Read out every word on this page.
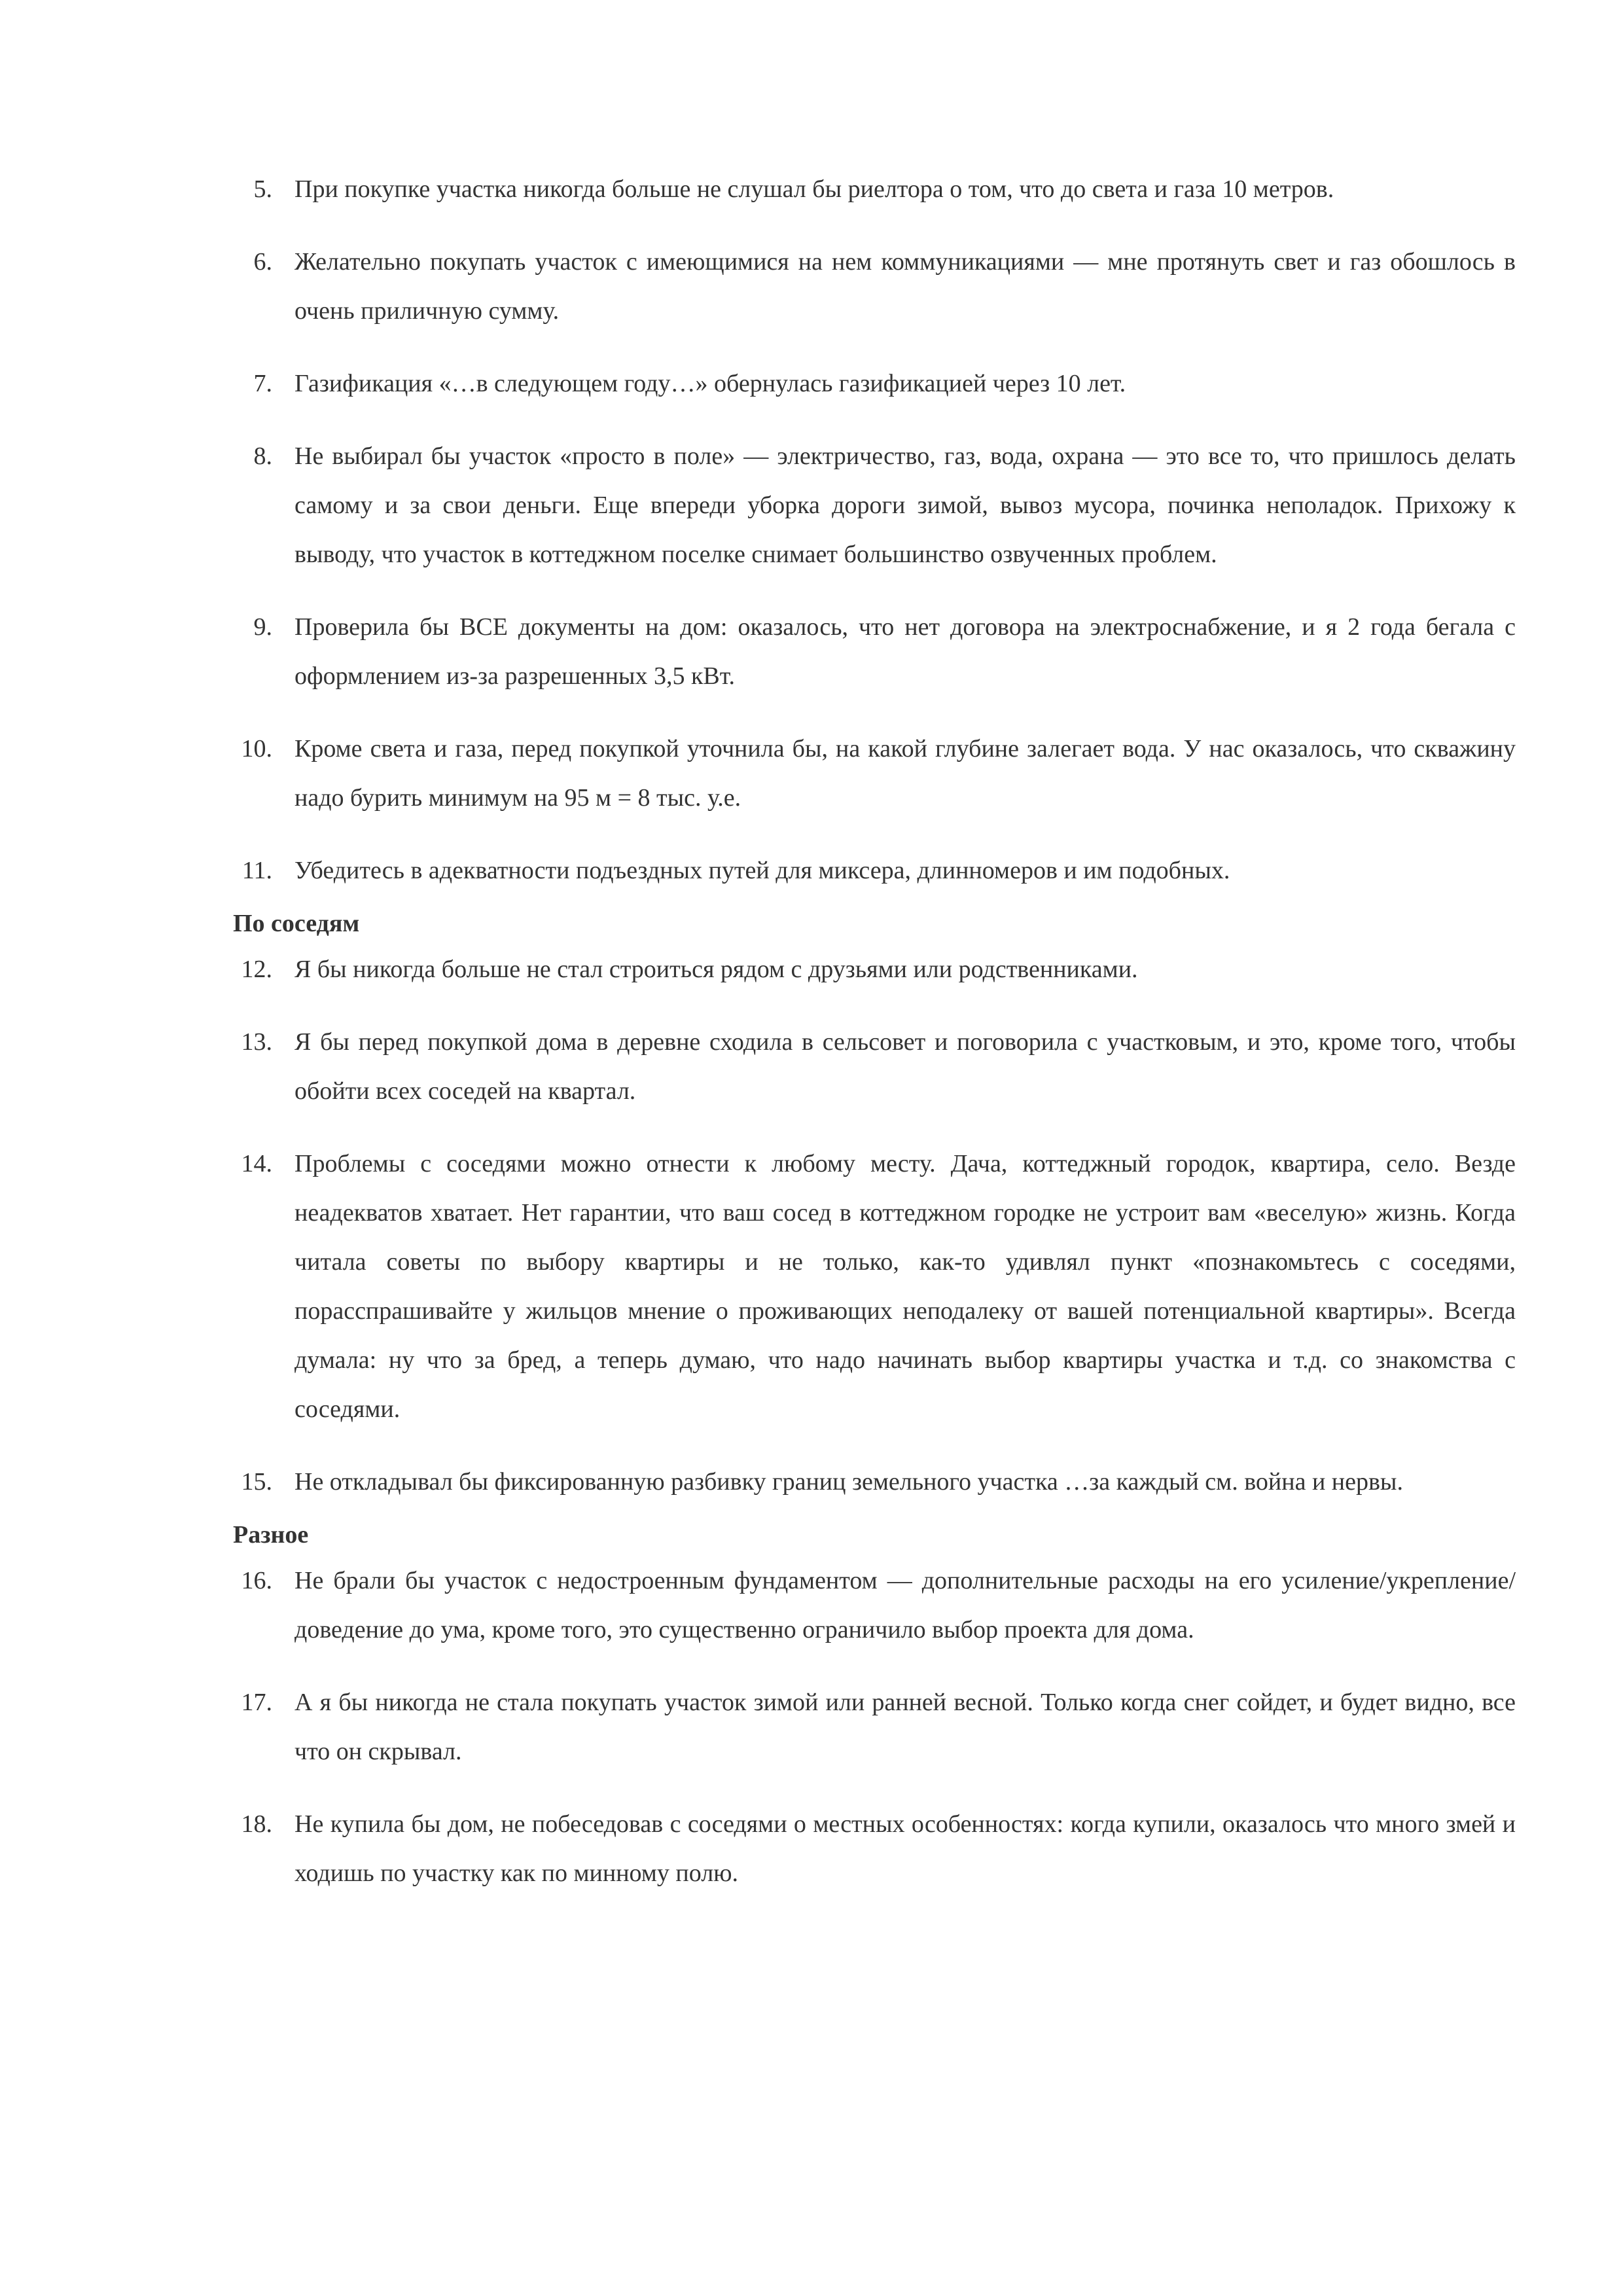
5. При покупке участка никогда больше не слушал бы риелтора о том, что до света и газа 10 метров.
6. Желательно покупать участок с имеющимися на нем коммуникациями — мне протянуть свет и газ обошлось в очень приличную сумму.
7. Газификация «…в следующем году…» обернулась газификацией через 10 лет.
8. Не выбирал бы участок «просто в поле» — электричество, газ, вода, охрана — это все то, что пришлось делать самому и за свои деньги. Еще впереди уборка дороги зимой, вывоз мусора, починка неполадок. Прихожу к выводу, что участок в коттеджном поселке снимает большинство озвученных проблем.
9. Проверила бы ВСЕ документы на дом: оказалось, что нет договора на электроснабжение, и я 2 года бегала с оформлением из-за разрешенных 3,5 кВт.
10. Кроме света и газа, перед покупкой уточнила бы, на какой глубине залегает вода. У нас оказалось, что скважину надо бурить минимум на 95 м = 8 тыс. у.е.
11. Убедитесь в адекватности подъездных путей для миксера, длинномеров и им подобных.
По соседям
12. Я бы никогда больше не стал строиться рядом с друзьями или родственниками.
13. Я бы перед покупкой дома в деревне сходила в сельсовет и поговорила с участковым, и это, кроме того, чтобы обойти всех соседей на квартал.
14. Проблемы с соседями можно отнести к любому месту. Дача, коттеджный городок, квартира, село. Везде неадекватов хватает. Нет гарантии, что ваш сосед в коттеджном городке не устроит вам «веселую» жизнь. Когда читала советы по выбору квартиры и не только, как-то удивлял пункт «познакомьтесь с соседями, порасспрашивайте у жильцов мнение о проживающих неподалеку от вашей потенциальной квартиры». Всегда думала: ну что за бред, а теперь думаю, что надо начинать выбор квартиры участка и т.д. со знакомства с соседями.
15. Не откладывал бы фиксированную разбивку границ земельного участка …за каждый см. война и нервы.
Разное
16. Не брали бы участок с недостроенным фундаментом — дополнительные расходы на его усиление/укрепление/доведение до ума, кроме того, это существенно ограничило выбор проекта для дома.
17. А я бы никогда не стала покупать участок зимой или ранней весной. Только когда снег сойдет, и будет видно, все что он скрывал.
18. Не купила бы дом, не побеседовав с соседями о местных особенностях: когда купили, оказалось что много змей и ходишь по участку как по минному полю.
